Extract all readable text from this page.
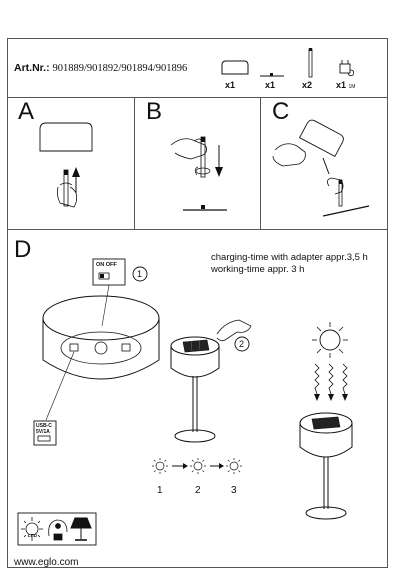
Art.Nr.: 901889/901892/901894/901896
x1	x1	x2	x1 1M
A	B	C
D	charging-time with adapter appr.3,5 h
working-time appr. 3 h
ON OFF
1
USB-C
5V/1A
2
1	2	3
LED
www.eglo.com
